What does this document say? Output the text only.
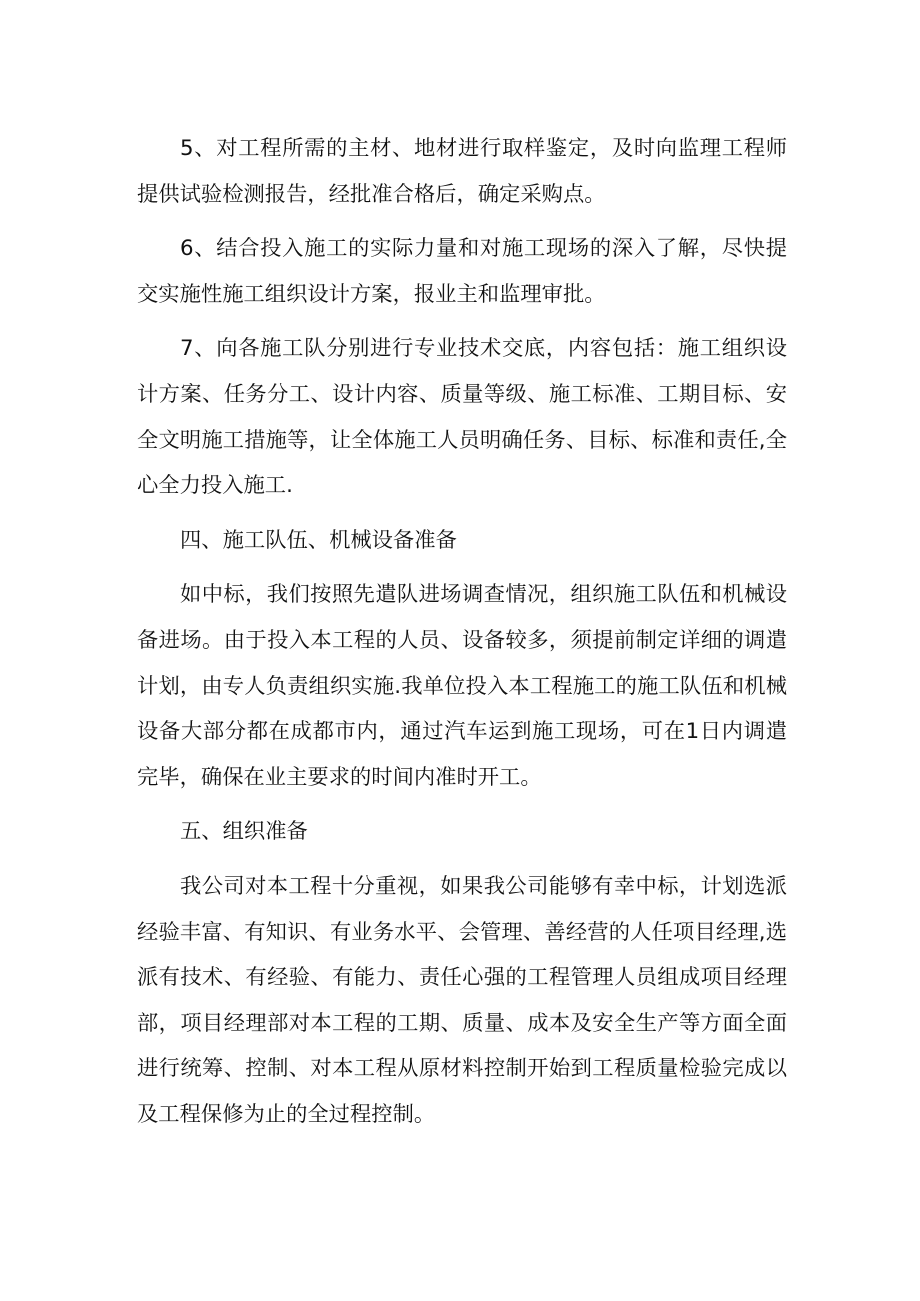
5、对工程所需的主材、地材进行取样鉴定，及时向监理工程师提供试验检测报告，经批准合格后，确定采购点。

6、结合投入施工的实际力量和对施工现场的深入了解，尽快提交实施性施工组织设计方案，报业主和监理审批。

7、向各施工队分别进行专业技术交底，内容包括：施工组织设计方案、任务分工、设计内容、质量等级、施工标准、工期目标、安全文明施工措施等，让全体施工人员明确任务、目标、标准和责任,全心全力投入施工.

四、施工队伍、机械设备准备

如中标，我们按照先遣队进场调查情况，组织施工队伍和机械设备进场。由于投入本工程的人员、设备较多，须提前制定详细的调遣计划，由专人负责组织实施.我单位投入本工程施工的施工队伍和机械设备大部分都在成都市内，通过汽车运到施工现场，可在1日内调遣完毕，确保在业主要求的时间内准时开工。

五、组织准备

我公司对本工程十分重视，如果我公司能够有幸中标，计划选派经验丰富、有知识、有业务水平、会管理、善经营的人任项目经理,选派有技术、有经验、有能力、责任心强的工程管理人员组成项目经理部，项目经理部对本工程的工期、质量、成本及安全生产等方面全面进行统筹、控制、对本工程从原材料控制开始到工程质量检验完成以及工程保修为止的全过程控制。
